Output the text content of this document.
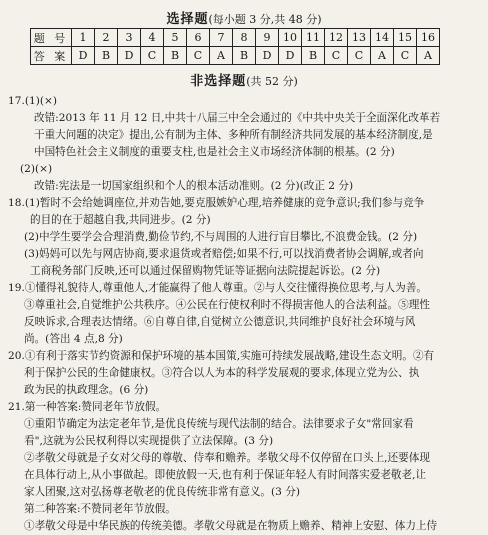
选择题(每小题 3 分,共 48 分)
题 号	1	2	3	4	5	6	7	8	9	10	11	12	13	14	15	16
答 案	D	B	D	C	B	C	A	B	D	D	B	C	C	A	C	A
非选择题(共 52 分)
17.(1)(×)
改错:2013 年 11 月 12 日,中共十八届三中全会通过的《中共中央关于全面深化改革若
干重大问题的决定》提出,公有制为主体、多种所有制经济共同发展的基本经济制度,是
中国特色社会主义制度的重要支柱,也是社会主义市场经济体制的根基。(2 分)
(2)(×)
改错:宪法是一切国家组织和个人的根本活动准则。(2 分)(改正 2 分)
18.(1)暂时不会给她调座位,并劝告她,要克服嫉妒心理,培养健康的竞争意识;我们参与竞争
的目的在于超越自我,共同进步。(2 分)
(2)中学生要学会合理消费,勤俭节约,不与周围的人进行盲目攀比,不浪费金钱。(2 分)
(3)妈妈可以先与网店协商,要求退货或者赔偿;如果不行,可以找消费者协会调解,或者向
工商税务部门反映,还可以通过保留购物凭证等证据向法院提起诉讼。(2 分)
19.①懂得礼貌待人,尊重他人,才能赢得了他人尊重。②与人交往懂得换位思考,与人为善。
③尊重社会,自觉维护公共秩序。④公民在行使权利时不得损害他人的合法利益。⑤理性
反映诉求,合理表达情绪。⑥自尊自律,自觉树立公德意识,共同维护良好社会环境与风
尚。(答出 4 点,8 分)
20.①有利于落实节约资源和保护环境的基本国策,实施可持续发展战略,建设生态文明。②有
利于保护公民的生命健康权。③符合以人为本的科学发展观的要求,体现立党为公、执
政为民的执政理念。(6 分)
21.第一种答案:赞同老年节放假。
①重阳节确定为法定老年节,是优良传统与现代法制的结合。法律要求子女"常回家看
看",这就为公民权利得以实现提供了立法保障。(3 分)
②孝敬父母就是子女对父母的尊敬、侍奉和赡养。孝敬父母不仅停留在口头上,还要体现
在具体行动上,从小事做起。即使放假一天,也有利于保证年轻人有时间落实爱老敬老,让
家人团聚,这对弘扬尊老敬老的优良传统非常有意义。(3 分)
第二种答案:不赞同老年节放假。
①孝敬父母是中华民族的传统美德。孝敬父母就是在物质上赡养、精神上安慰、体力上侍
